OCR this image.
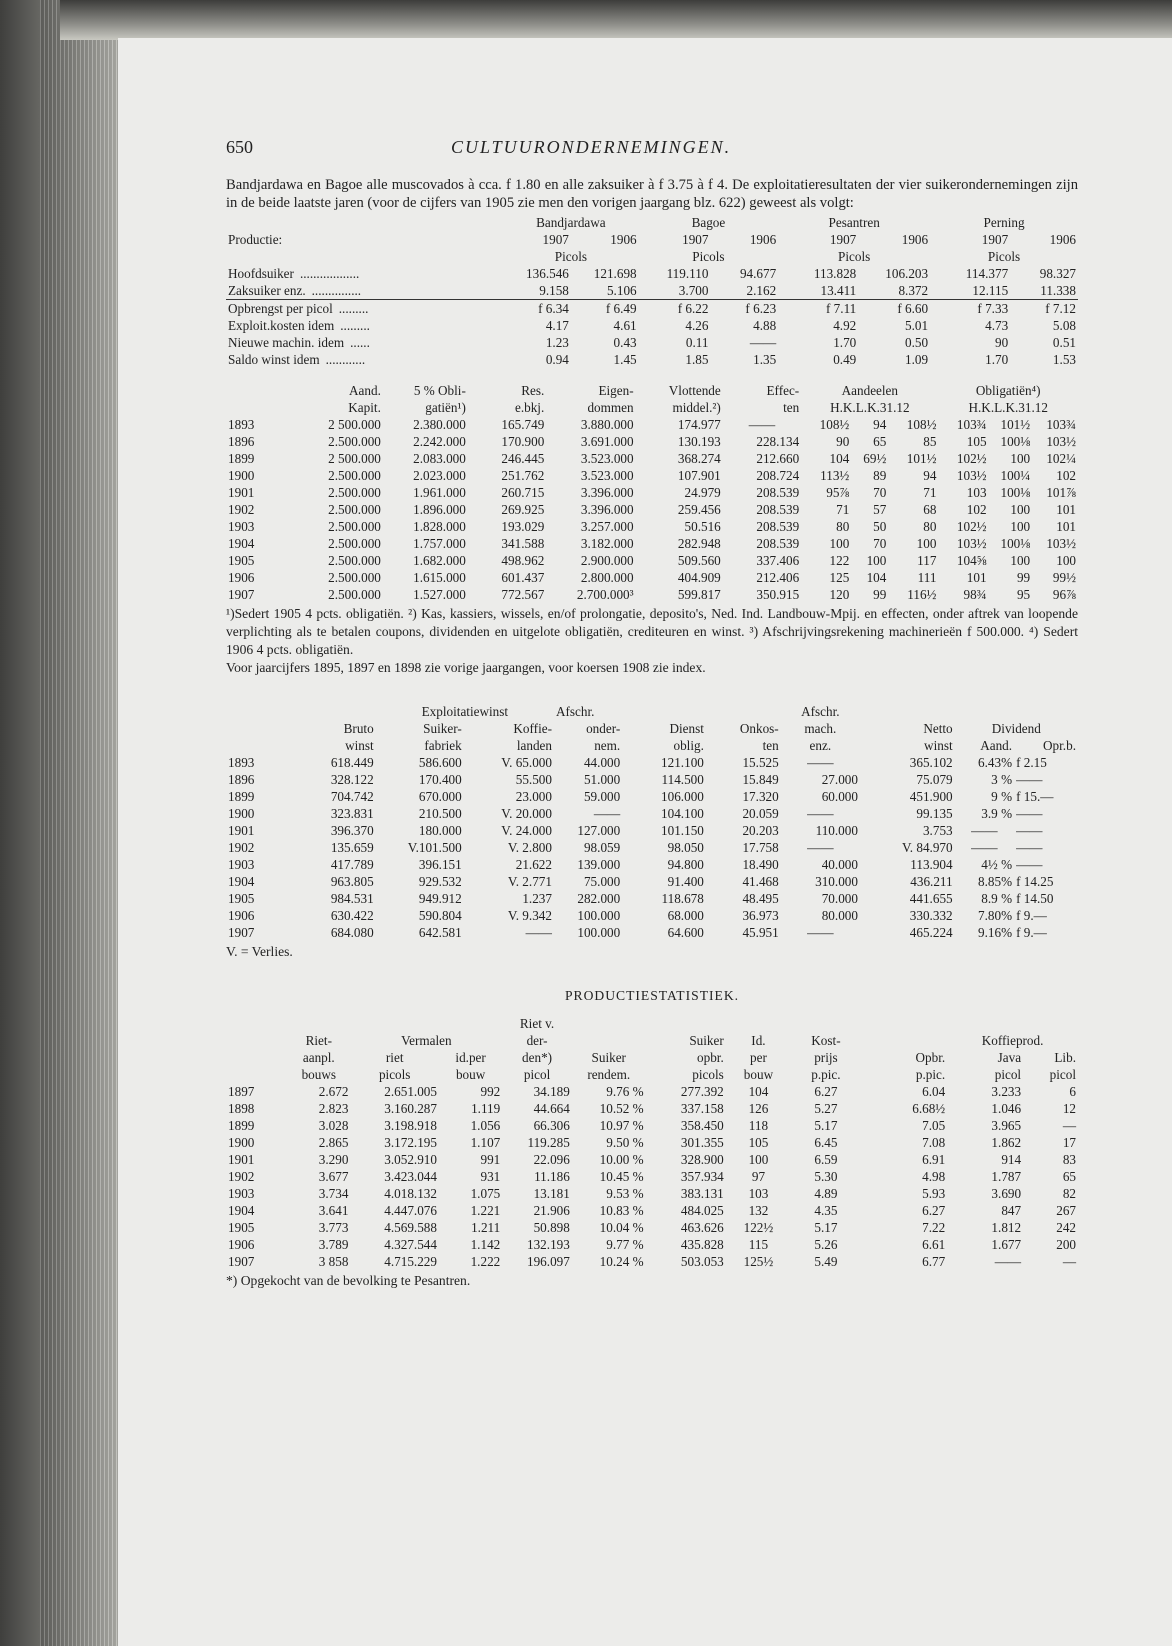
650	CULTUURONDERNEMINGEN.

Bandjardawa en Bagoe alle muscovados à cca. f 1.80 en alle zaksuiker à f 3.75 à f 4. De exploitatieresultaten der vier suikerondernemingen zijn in de beide laatste jaren (voor de cijfers van 1905 zie men den vorigen jaargang blz. 622) geweest als volgt:

	Bandjardawa		Bagoe		Pesantren		Perning	
Productie:	1907	1906	1907	1906	1907	1906	1907	1906
	Picols		Picols		Picols		Picols	
Hoofdsuiker ..................	136.546	121.698	119.110	94.677	113.828	106.203	114.377	98.327
Zaksuiker enz. ...............	9.158	5.106	3.700	2.162	13.411	8.372	12.115	11.338
Opbrengst per picol .........	f 6.34	f 6.49	f 6.22	f 6.23	f 7.11	f 6.60	f 7.33	f 7.12
Exploit.kosten idem .........	4.17	4.61	4.26	4.88	4.92	5.01	4.73	5.08
Nieuwe machin. idem ......	1.23	0.43	0.11	——	1.70	0.50	90	0.51
Saldo winst idem ............	0.94	1.45	1.85	1.35	0.49	1.09	1.70	1.53
	Aand.	5 % Obli-	Res.	Eigen-	Vlottende	Effec-	Aandeelen			Obligatiën⁴)		
	Kapit.	gatiën¹)	e.bkj.	dommen	middel.²)	ten	H.K.L.K.31.12			H.K.L.K.31.12		
1893	2 500.000	2.380.000	165.749	3.880.000	174.977	——	108½	94	108½	103¾	101½	103¾
1896	2.500.000	2.242.000	170.900	3.691.000	130.193	228.134	90	65	85	105	100⅛	103½
1899	2 500.000	2.083.000	246.445	3.523.000	368.274	212.660	104	69½	101½	102½	100	102¼
1900	2.500.000	2.023.000	251.762	3.523.000	107.901	208.724	113½	89	94	103½	100¼	102
1901	2.500.000	1.961.000	260.715	3.396.000	24.979	208.539	95⅞	70	71	103	100⅛	101⅞
1902	2.500.000	1.896.000	269.925	3.396.000	259.456	208.539	71	57	68	102	100	101
1903	2.500.000	1.828.000	193.029	3.257.000	50.516	208.539	80	50	80	102½	100	101
1904	2.500.000	1.757.000	341.588	3.182.000	282.948	208.539	100	70	100	103½	100⅛	103½
1905	2.500.000	1.682.000	498.962	2.900.000	509.560	337.406	122	100	117	104⅝	100	100
1906	2.500.000	1.615.000	601.437	2.800.000	404.909	212.406	125	104	111	101	99	99½
1907	2.500.000	1.527.000	772.567	2.700.000³	599.817	350.915	120	99	116½	98¾	95	96⅞

¹)Sedert 1905 4 pcts. obligatiën. ²) Kas, kassiers, wissels, en/of prolongatie, deposito's, Ned. Ind. Landbouw-Mpij. en effecten, onder aftrek van loopende verplichting als te betalen coupons, dividenden en uitgelote obligatiën, crediteuren en winst. ³) Afschrijvingsrekening machinerieën f 500.000. ⁴) Sedert 1906 4 pcts. obligatiën.

Voor jaarcijfers 1895, 1897 en 1898 zie vorige jaargangen, voor koersen 1908 zie index.

		Exploitatiewinst		Afschr.			Afschr.			
	Bruto	Suiker-	Koffie-	onder-	Dienst	Onkos-	mach.	Netto	Dividend	
	winst	fabriek	landen	nem.	oblig.	ten	enz.	winst	Aand.	Opr.b.
1893	618.449	586.600	V. 65.000	44.000	121.100	15.525	——	365.102	6.43%	f 2.15
1896	328.122	170.400	55.500	51.000	114.500	15.849	27.000	75.079	3 %	——
1899	704.742	670.000	23.000	59.000	106.000	17.320	60.000	451.900	9 %	f 15.—
1900	323.831	210.500	V. 20.000	——	104.100	20.059	——	99.135	3.9 %	——
1901	396.370	180.000	V. 24.000	127.000	101.150	20.203	110.000	3.753	——	——
1902	135.659	V.101.500	V. 2.800	98.059	98.050	17.758	——	V. 84.970	——	——
1903	417.789	396.151	21.622	139.000	94.800	18.490	40.000	113.904	4½ %	——
1904	963.805	929.532	V. 2.771	75.000	91.400	41.468	310.000	436.211	8.85%	f 14.25
1905	984.531	949.912	1.237	282.000	118.678	48.495	70.000	441.655	8.9 %	f 14.50
1906	630.422	590.804	V. 9.342	100.000	68.000	36.973	80.000	330.332	7.80%	f 9.—
1907	684.080	642.581	——	100.000	64.600	45.951	——	465.224	9.16%	f 9.—

V. = Verlies.

PRODUCTIESTATISTIEK.
				Riet v.							
	Riet-	Vermalen		der-		Suiker	Id.	Kost-		Koffieprod.	
	aanpl.	riet	id.per	den*)	Suiker	opbr.	per	prijs	Opbr.	Java	Lib.
	bouws	picols	bouw	picol	rendem.	picols	bouw	p.pic.	p.pic.	picol	picol
1897	2.672	2.651.005	992	34.189	9.76 %	277.392	104	6.27	6.04	3.233	6
1898	2.823	3.160.287	1.119	44.664	10.52 %	337.158	126	5.27	6.68½	1.046	12
1899	3.028	3.198.918	1.056	66.306	10.97 %	358.450	118	5.17	7.05	3.965	—
1900	2.865	3.172.195	1.107	119.285	9.50 %	301.355	105	6.45	7.08	1.862	17
1901	3.290	3.052.910	991	22.096	10.00 %	328.900	100	6.59	6.91	914	83
1902	3.677	3.423.044	931	11.186	10.45 %	357.934	97	5.30	4.98	1.787	65
1903	3.734	4.018.132	1.075	13.181	9.53 %	383.131	103	4.89	5.93	3.690	82
1904	3.641	4.447.076	1.221	21.906	10.83 %	484.025	132	4.35	6.27	847	267
1905	3.773	4.569.588	1.211	50.898	10.04 %	463.626	122½	5.17	7.22	1.812	242
1906	3.789	4.327.544	1.142	132.193	9.77 %	435.828	115	5.26	6.61	1.677	200
1907	3 858	4.715.229	1.222	196.097	10.24 %	503.053	125½	5.49	6.77	——	—

*) Opgekocht van de bevolking te Pesantren.
